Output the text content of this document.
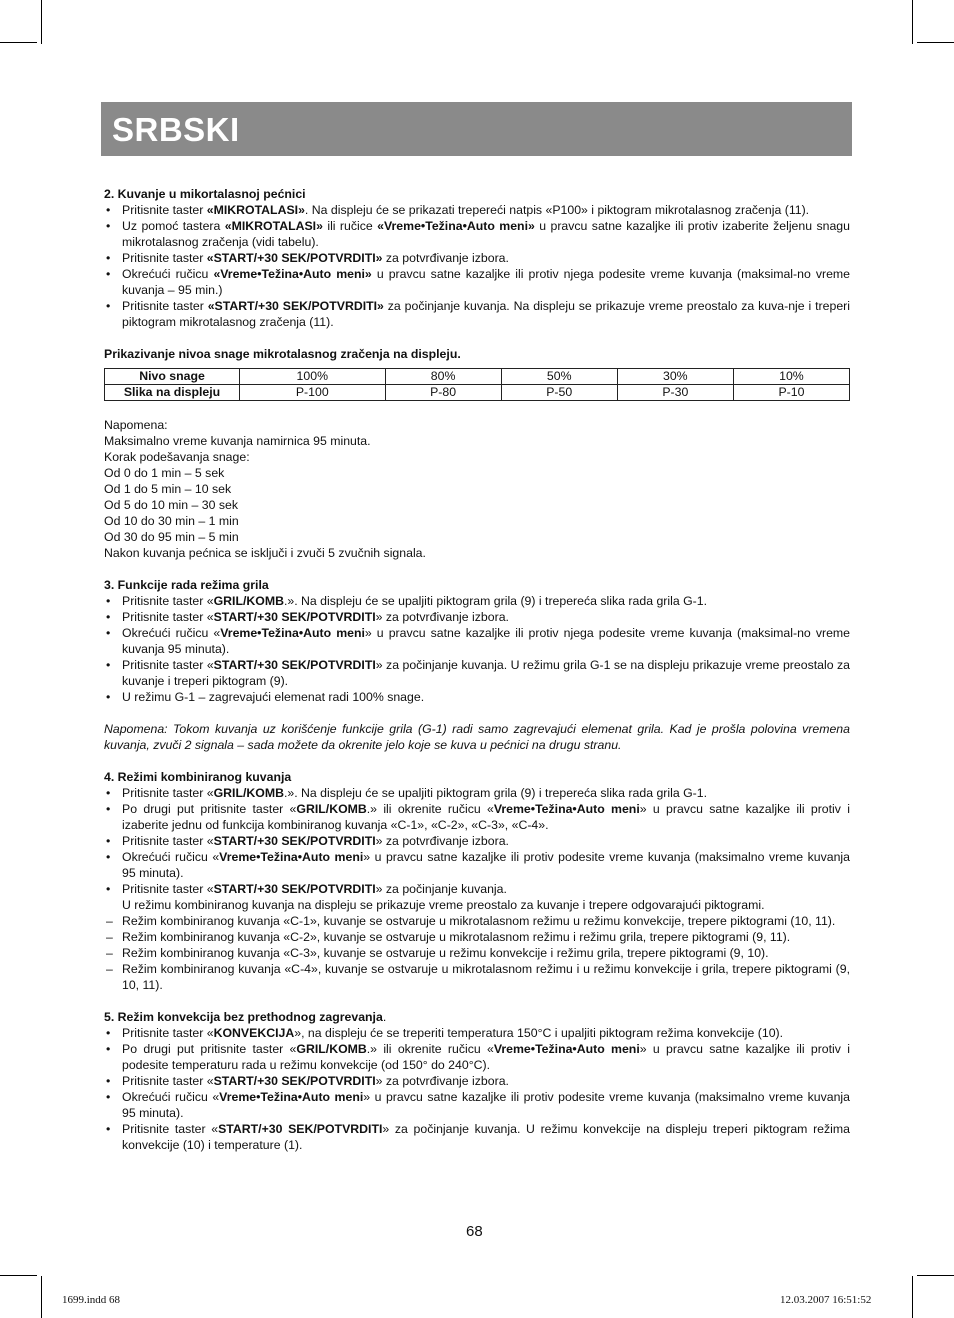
SRBSKI

2. Kuvanje u mikortalasnoj pećnici

• Pritisnite taster «MIKROTALASI». Na displeju će se prikazati trepereći natpis «P100» i piktogram mikrotalasnog zračenja (11).
• Uz pomoć tastera «MIKROTALASI» ili ručice «Vreme•Težina•Auto meni» u pravcu satne kazaljke ili protiv izaberite željenu snagu mikrotalasnog zračenja (vidi tabelu).
• Pritisnite taster «START/+30 SEK/POTVRDITI» za potvrđivanje izbora.
• Okrećući ručicu «Vreme•Težina•Auto meni» u pravcu satne kazaljke ili protiv njega podesite vreme kuvanja (maksimal-no vreme kuvanja – 95 min.)
• Pritisnite taster «START/+30 SEK/POTVRDITI» za počinjanje kuvanja. Na displeju se prikazuje vreme preostalo za kuva-nje i treperi piktogram mikrotalasnog zračenja (11).

Prikazivanje nivoa snage mikrotalasnog zračenja na displeju.

Nivo snage	100%	80%	50%	30%	10%
Slika na displeju	P-100	P-80	P-50	P-30	P-10

Napomena:

Maksimalno vreme kuvanja namirnica 95 minuta.

Korak podešavanja snage:

Od 0 do 1 min – 5 sek

Od 1 do 5 min – 10 sek

Od 5 do 10 min – 30 sek

Od 10 do 30 min – 1 min

Od 30 do 95 min – 5 min

Nakon kuvanja pećnica se isključi i zvuči 5 zvučnih signala.

3. Funkcije rada režima grila

• Pritisnite taster «GRIL/KOMB.». Na displeju će se upaljiti piktogram grila (9) i trepereća slika rada grila G-1.
• Pritisnite taster «START/+30 SEK/POTVRDITI» za potvrđivanje izbora.
• Okrećući ručicu «Vreme•Težina•Auto meni» u pravcu satne kazaljke ili protiv njega podesite vreme kuvanja (maksimal-no vreme kuvanja 95 minuta).
• Pritisnite taster «START/+30 SEK/POTVRDITI» za počinjanje kuvanja. U režimu grila G-1 se na displeju prikazuje vreme preostalo za kuvanje i treperi piktogram (9).
• U režimu G-1 – zagrevajući elemenat radi 100% snage.

Napomena: Tokom kuvanja uz korišćenje funkcije grila (G-1) radi samo zagrevajući elemenat grila. Kad je prošla polovina vremena kuvanja, zvuči 2 signala – sada možete da okrenite jelo koje se kuva u pećnici na drugu stranu.

4. Režimi kombiniranog kuvanja

• Pritisnite taster «GRIL/KOMB.». Na displeju će se upaljiti piktogram grila (9) i trepereća slika rada grila G-1.
• Po drugi put pritisnite taster «GRIL/KOMB.» ili okrenite ručicu «Vreme•Težina•Auto meni» u pravcu satne kazaljke ili protiv i izaberite jednu od funkcija kombiniranog kuvanja «C-1», «C-2», «C-3», «C-4».
• Pritisnite taster «START/+30 SEK/POTVRDITI» za potvrđivanje izbora.
• Okrećući ručicu «Vreme•Težina•Auto meni» u pravcu satne kazaljke ili protiv podesite vreme kuvanja (maksimalno vreme kuvanja 95 minuta).
• Pritisnite taster «START/+30 SEK/POTVRDITI» za počinjanje kuvanja.
U režimu kombiniranog kuvanja na displeju se prikazuje vreme preostalo za kuvanje i trepere odgovarajući piktogrami.
– Režim kombiniranog kuvanja «C-1», kuvanje se ostvaruje u mikrotalasnom režimu u režimu konvekcije, trepere piktogrami (10, 11).
– Režim kombiniranog kuvanja «C-2», kuvanje se ostvaruje u mikrotalasnom režimu i režimu grila, trepere piktogrami (9, 11).
– Režim kombiniranog kuvanja «C-3», kuvanje se ostvaruje u režimu konvekcije i režimu grila, trepere piktogrami (9, 10).
– Režim kombiniranog kuvanja «C-4», kuvanje se ostvaruje u mikrotalasnom režimu i u režimu konvekcije i grila, trepere piktogrami (9, 10, 11).

5. Režim konvekcija bez prethodnog zagrevanja.

• Pritisnite taster «KONVEKCIJA», na displeju će se treperiti temperatura 150°C i upaljiti piktogram režima konvekcije (10).
• Po drugi put pritisnite taster «GRIL/KOMB.» ili okrenite ručicu «Vreme•Težina•Auto meni» u pravcu satne kazaljke ili protiv i podesite temperaturu rada u režimu konvekcije (od 150° do 240°C).
• Pritisnite taster «START/+30 SEK/POTVRDITI» za potvrđivanje izbora.
• Okrećući ručicu «Vreme•Težina•Auto meni» u pravcu satne kazaljke ili protiv podesite vreme kuvanja (maksimalno vreme kuvanja 95 minuta).
• Pritisnite taster «START/+30 SEK/POTVRDITI» za počinjanje kuvanja. U režimu konvekcije na displeju treperi piktogram režima konvekcije (10) i temperature (1).
68
1699.indd 68	12.03.2007 16:51:52
